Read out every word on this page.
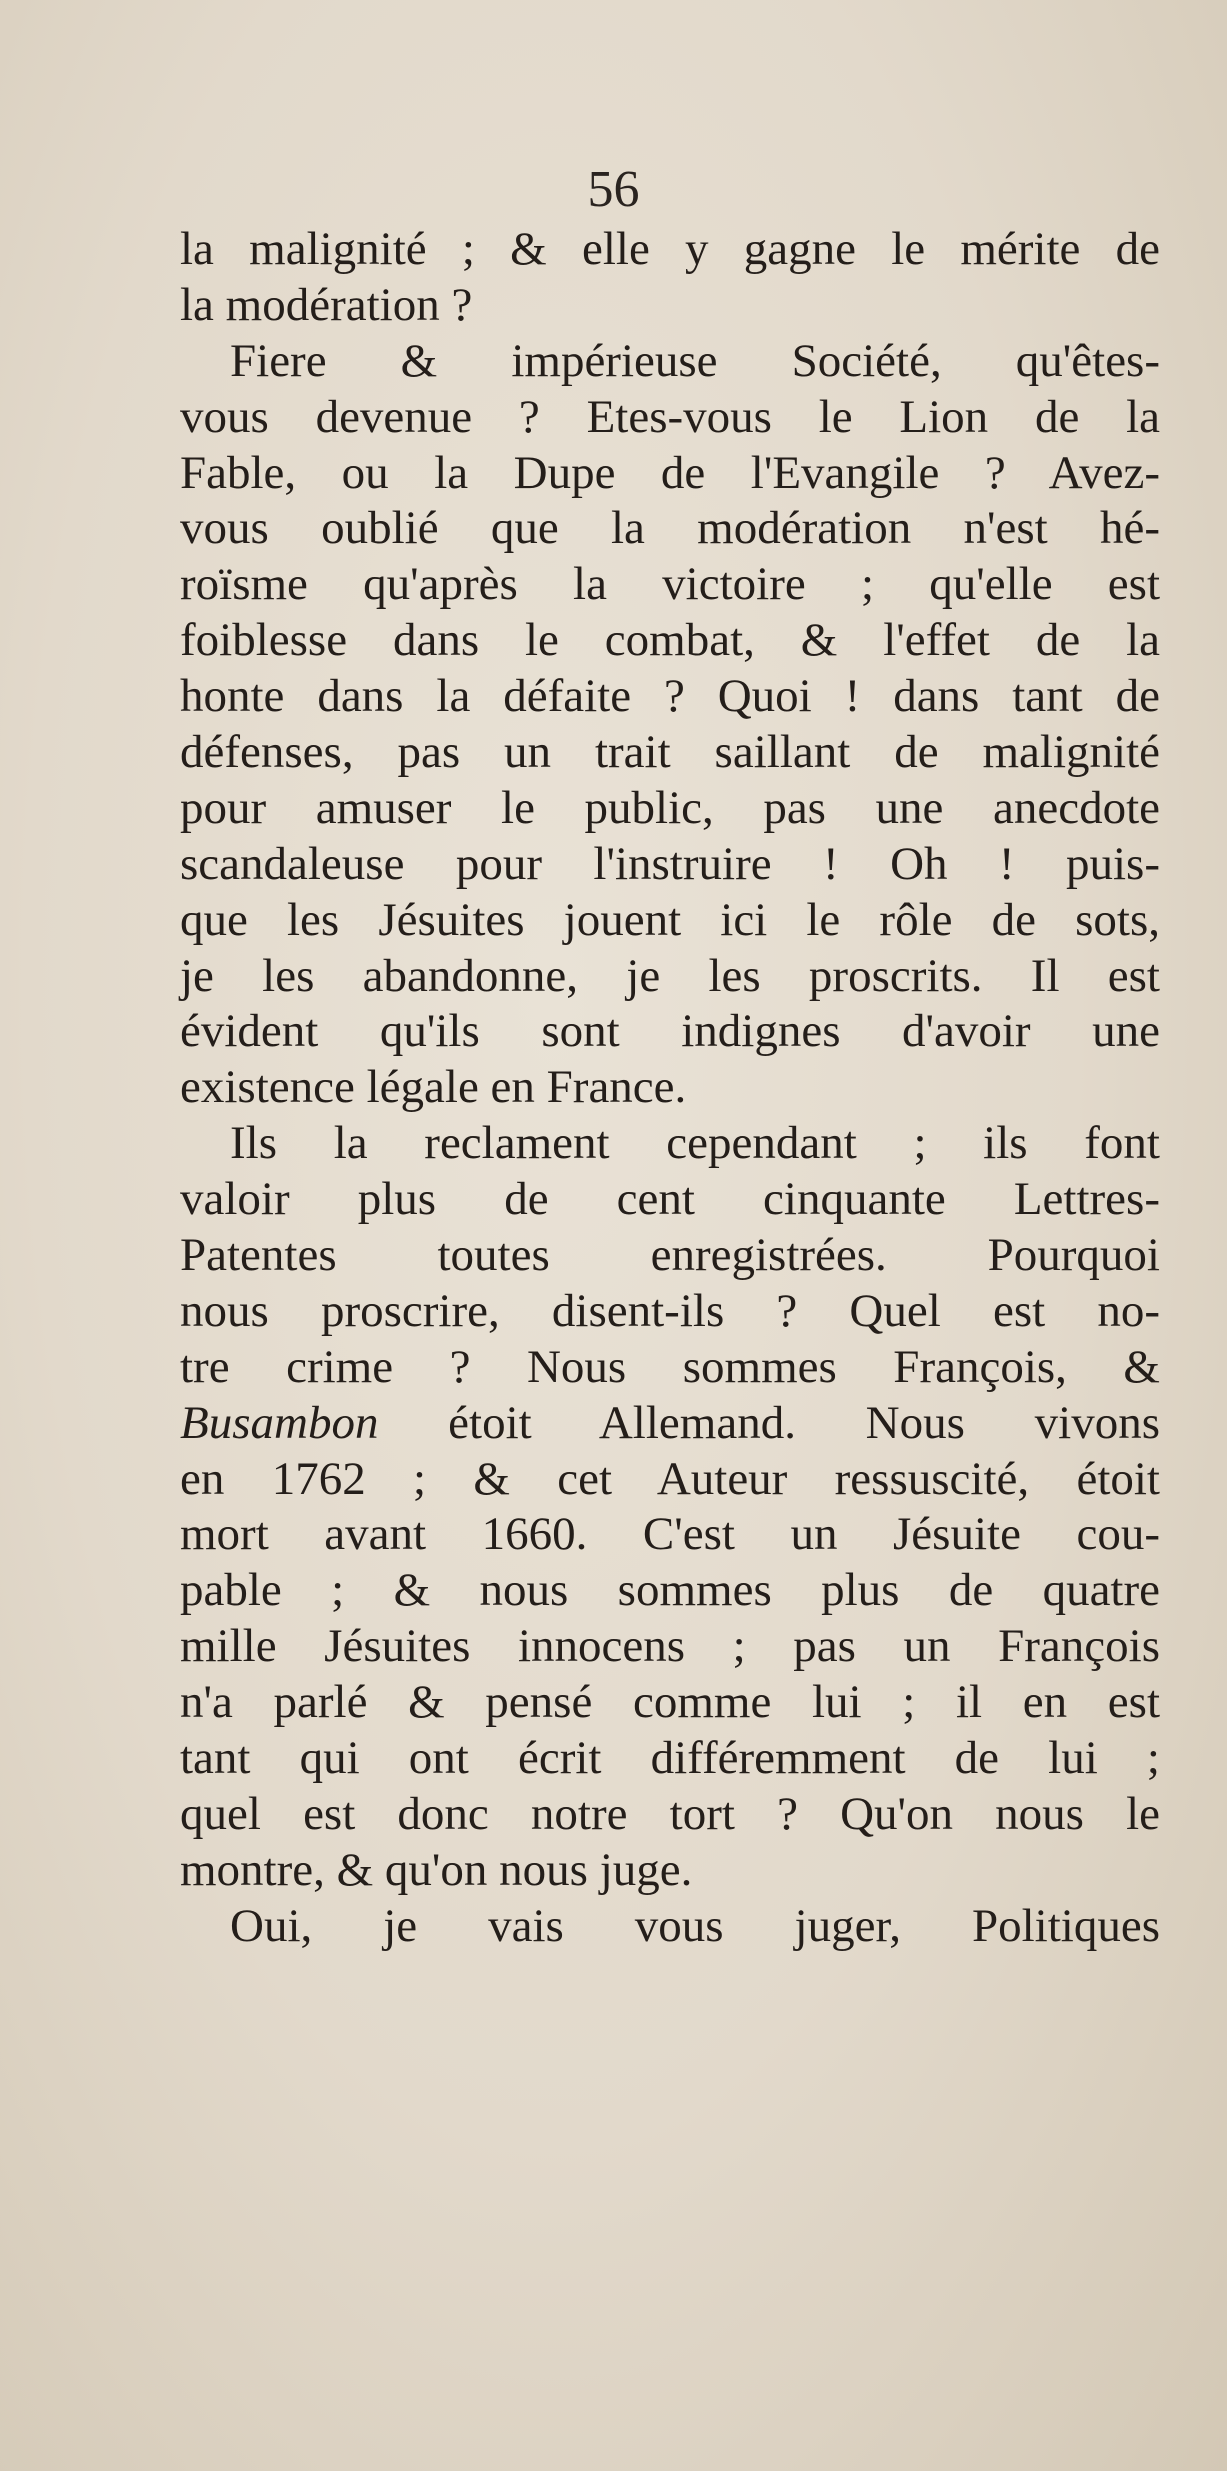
56
la malignité ; & elle y gagne le mérite de
la modération ?
Fiere & impérieuse Société, qu'êtes-
vous devenue ? Etes-vous le Lion de la
Fable, ou la Dupe de l'Evangile ? Avez-
vous oublié que la modération n'est hé-
roïsme qu'après la victoire ; qu'elle est
foiblesse dans le combat, & l'effet de la
honte dans la défaite ? Quoi ! dans tant de
défenses, pas un trait saillant de malignité
pour amuser le public, pas une anecdote
scandaleuse pour l'instruire ! Oh ! puis-
que les Jésuites jouent ici le rôle de sots,
je les abandonne, je les proscrits. Il est
évident qu'ils sont indignes d'avoir une
existence légale en France.
Ils la reclament cependant ; ils font
valoir plus de cent cinquante Lettres-
Patentes toutes enregistrées. Pourquoi
nous proscrire, disent-ils ? Quel est no-
tre crime ? Nous sommes François, &
Busambon étoit Allemand. Nous vivons
en 1762 ; & cet Auteur ressuscité, étoit
mort avant 1660. C'est un Jésuite cou-
pable ; & nous sommes plus de quatre
mille Jésuites innocens ; pas un François
n'a parlé & pensé comme lui ; il en est
tant qui ont écrit différemment de lui ;
quel est donc notre tort ? Qu'on nous le
montre, & qu'on nous juge.
Oui, je vais vous juger, Politiques
